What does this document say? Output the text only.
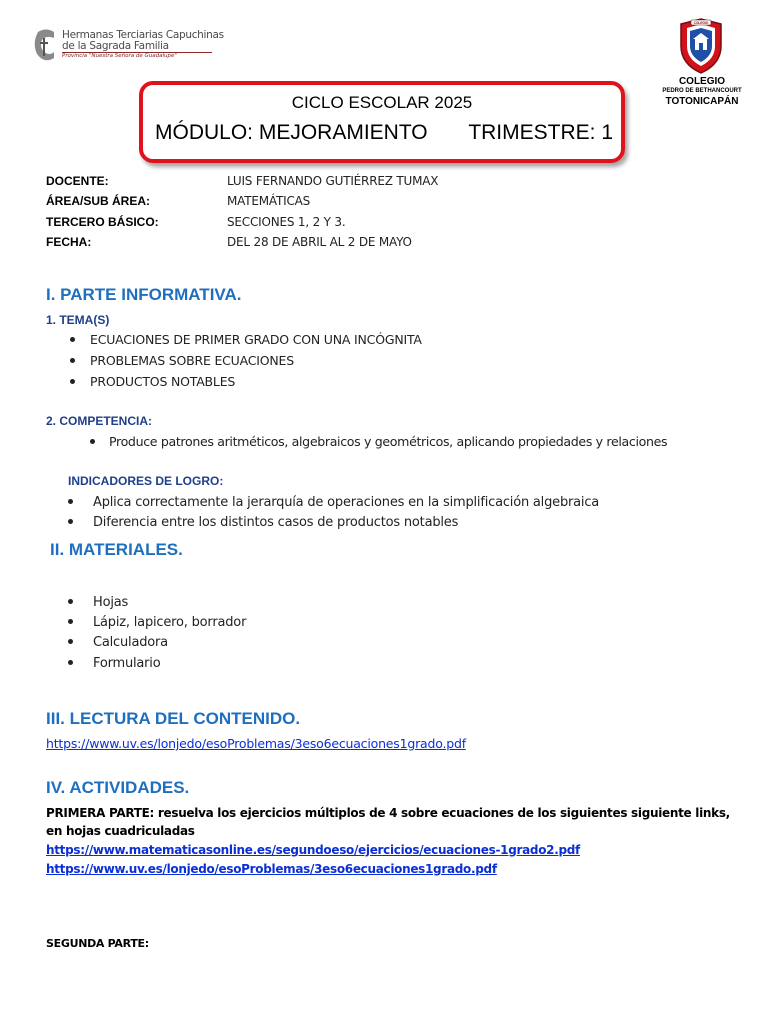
Hermanas Terciarias Capuchinas
de la Sagrada Familia
Provincia "Nuestra Señora de Guadalupe"
CICLO ESCOLAR 2025
MÓDULO: MEJORAMIENTO TRIMESTRE: 1
COLEGIO
COLEGIO
PEDRO DE BETHANCOURT
TOTONICAPÁN
DOCENTE:	LUIS FERNANDO GUTIÉRREZ TUMAX
ÁREA/SUB ÁREA:	MATEMÁTICAS
TERCERO BÁSICO:	SECCIONES 1, 2 Y 3.
FECHA:	DEL 28 DE ABRIL AL 2 DE MAYO
I. PARTE INFORMATIVA.
1. TEMA(S)
ECUACIONES DE PRIMER GRADO CON UNA INCÓGNITA
PROBLEMAS SOBRE ECUACIONES
PRODUCTOS NOTABLES
2. COMPETENCIA:
Produce patrones aritméticos, algebraicos y geométricos, aplicando propiedades y relaciones
INDICADORES DE LOGRO:
Aplica correctamente la jerarquía de operaciones en la simplificación algebraica
Diferencia entre los distintos casos de productos notables
II. MATERIALES.
Hojas
Lápiz, lapicero, borrador
Calculadora
Formulario
III. LECTURA DEL CONTENIDO.
https://www.uv.es/lonjedo/esoProblemas/3eso6ecuaciones1grado.pdf
IV. ACTIVIDADES.
PRIMERA PARTE: resuelva los ejercicios múltiplos de 4 sobre ecuaciones de los siguientes siguiente links,
en hojas cuadriculadas
https://www.matematicasonline.es/segundoeso/ejercicios/ecuaciones-1grado2.pdf
https://www.uv.es/lonjedo/esoProblemas/3eso6ecuaciones1grado.pdf
SEGUNDA PARTE:
